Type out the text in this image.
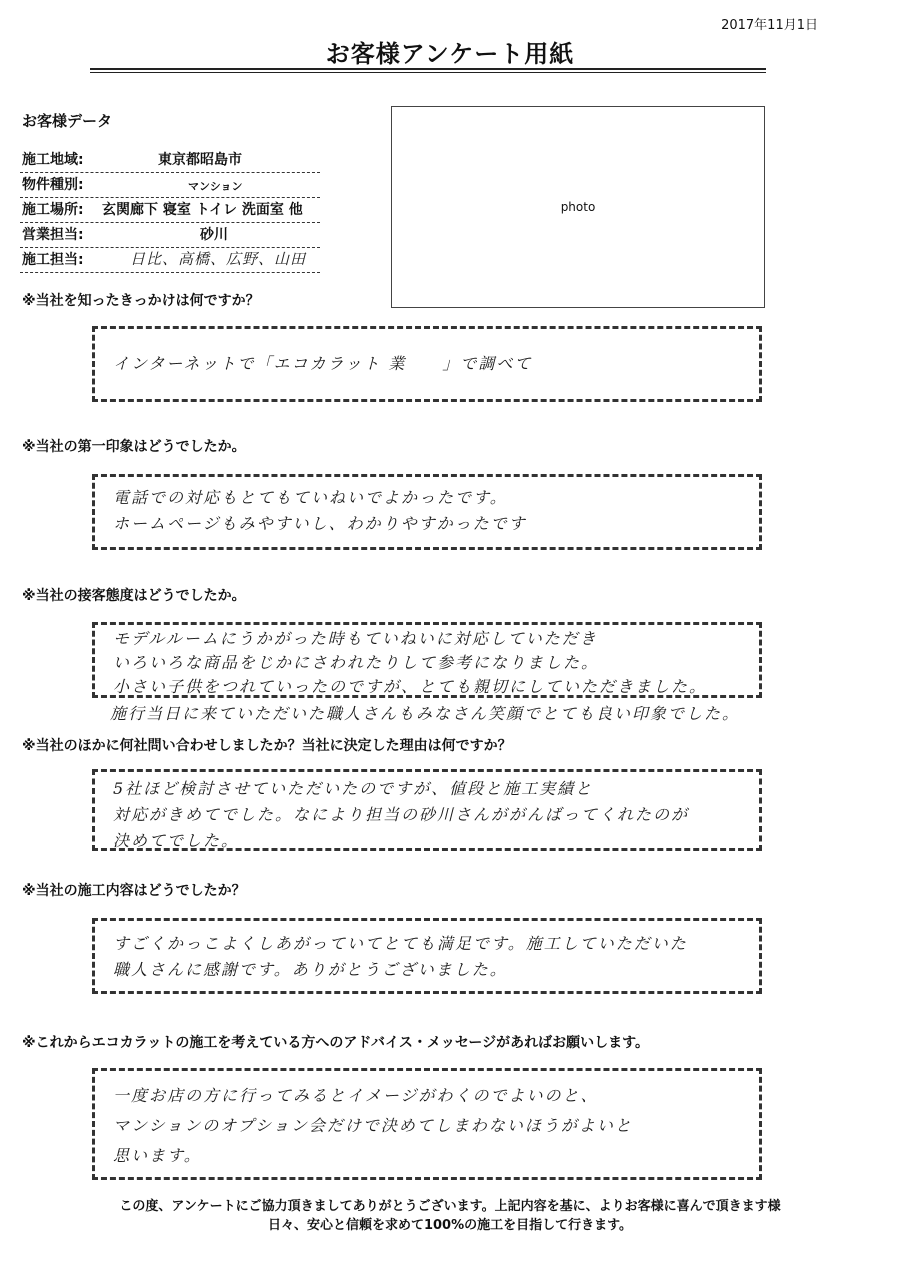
2017年11月1日
お客様アンケート用紙
お客様データ
施工地域:	東京都昭島市
物件種別:	マンション
施工場所: 玄関廊下 寝室 トイレ 洗面室 他
営業担当:	砂川
施工担当:	日比、高橋、広野、山田
photo
※当社を知ったきっかけは何ですか？
インターネットで「エコカラット 業　　」で調べて
※当社の第一印象はどうでしたか。
電話での対応もとてもていねいでよかったです。
ホームページもみやすいし、わかりやすかったです
※当社の接客態度はどうでしたか。
モデルルームにうかがった時もていねいに対応していただき
いろいろな商品をじかにさわれたりして参考になりました。
小さい子供をつれていったのですが、とても親切にしていただきました。
施行当日に来ていただいた職人さんもみなさん笑顔でとても良い印象でした。
※当社のほかに何社問い合わせしましたか？当社に決定した理由は何ですか？
5社ほど検討させていただいたのですが、値段と施工実績と
対応がきめてでした。なにより担当の砂川さんががんばってくれたのが
決めてでした。
※当社の施工内容はどうでしたか？
すごくかっこよくしあがっていてとても満足です。施工していただいた
職人さんに感謝です。ありがとうございました。
※これからエコカラットの施工を考えている方へのアドバイス・メッセージがあればお願いします。
一度お店の方に行ってみるとイメージがわくのでよいのと、
マンションのオプション会だけで決めてしまわないほうがよいと
思います。
この度、アンケートにご協力頂きましてありがとうございます。上記内容を基に、よりお客様に喜んで頂きます様
日々、安心と信頼を求めて100%の施工を目指して行きます。
